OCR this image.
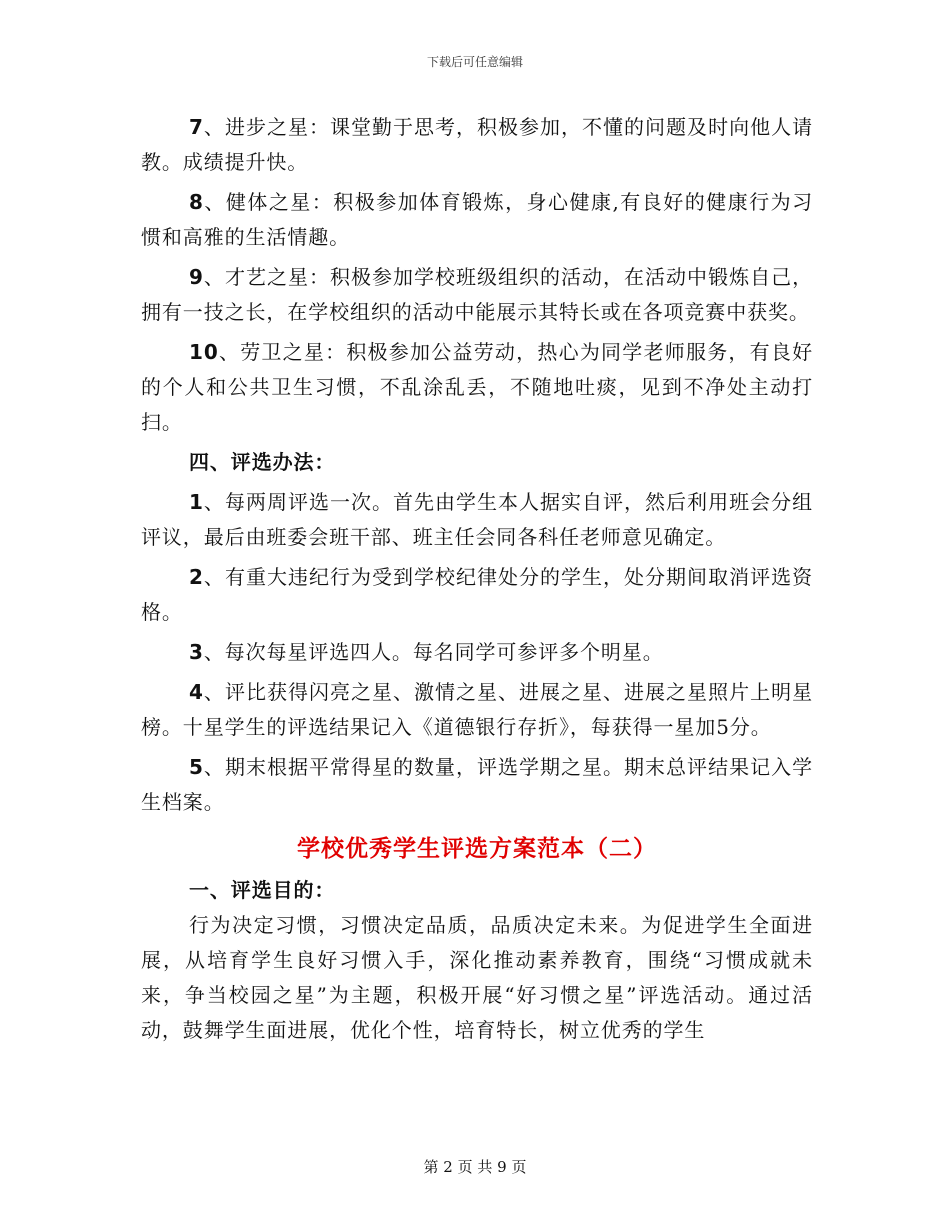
下载后可任意编辑

7、进步之星：课堂勤于思考，积极参加，不懂的问题及时向他人请教。成绩提升快。

8、健体之星：积极参加体育锻炼，身心健康,有良好的健康行为习惯和高雅的生活情趣。

9、才艺之星：积极参加学校班级组织的活动，在活动中锻炼自己，拥有一技之长，在学校组织的活动中能展示其特长或在各项竞赛中获奖。

10、劳卫之星：积极参加公益劳动，热心为同学老师服务，有良好的个人和公共卫生习惯，不乱涂乱丢，不随地吐痰，见到不净处主动打扫。

四、评选办法：

1、每两周评选一次。首先由学生本人据实自评，然后利用班会分组评议，最后由班委会班干部、班主任会同各科任老师意见确定。

2、有重大违纪行为受到学校纪律处分的学生，处分期间取消评选资格。

3、每次每星评选四人。每名同学可参评多个明星。

4、评比获得闪亮之星、激情之星、进展之星、进展之星照片上明星榜。十星学生的评选结果记入《道德银行存折》，每获得一星加5分。

5、期末根据平常得星的数量，评选学期之星。期末总评结果记入学生档案。

学校优秀学生评选方案范本（二）

一、评选目的：

行为决定习惯，习惯决定品质，品质决定未来。为促进学生全面进展，从培育学生良好习惯入手，深化推动素养教育，围绕“习惯成就未来，争当校园之星”为主题，积极开展“好习惯之星”评选活动。通过活动，鼓舞学生面进展，优化个性，培育特长，树立优秀的学生

第 2 页 共 9 页
